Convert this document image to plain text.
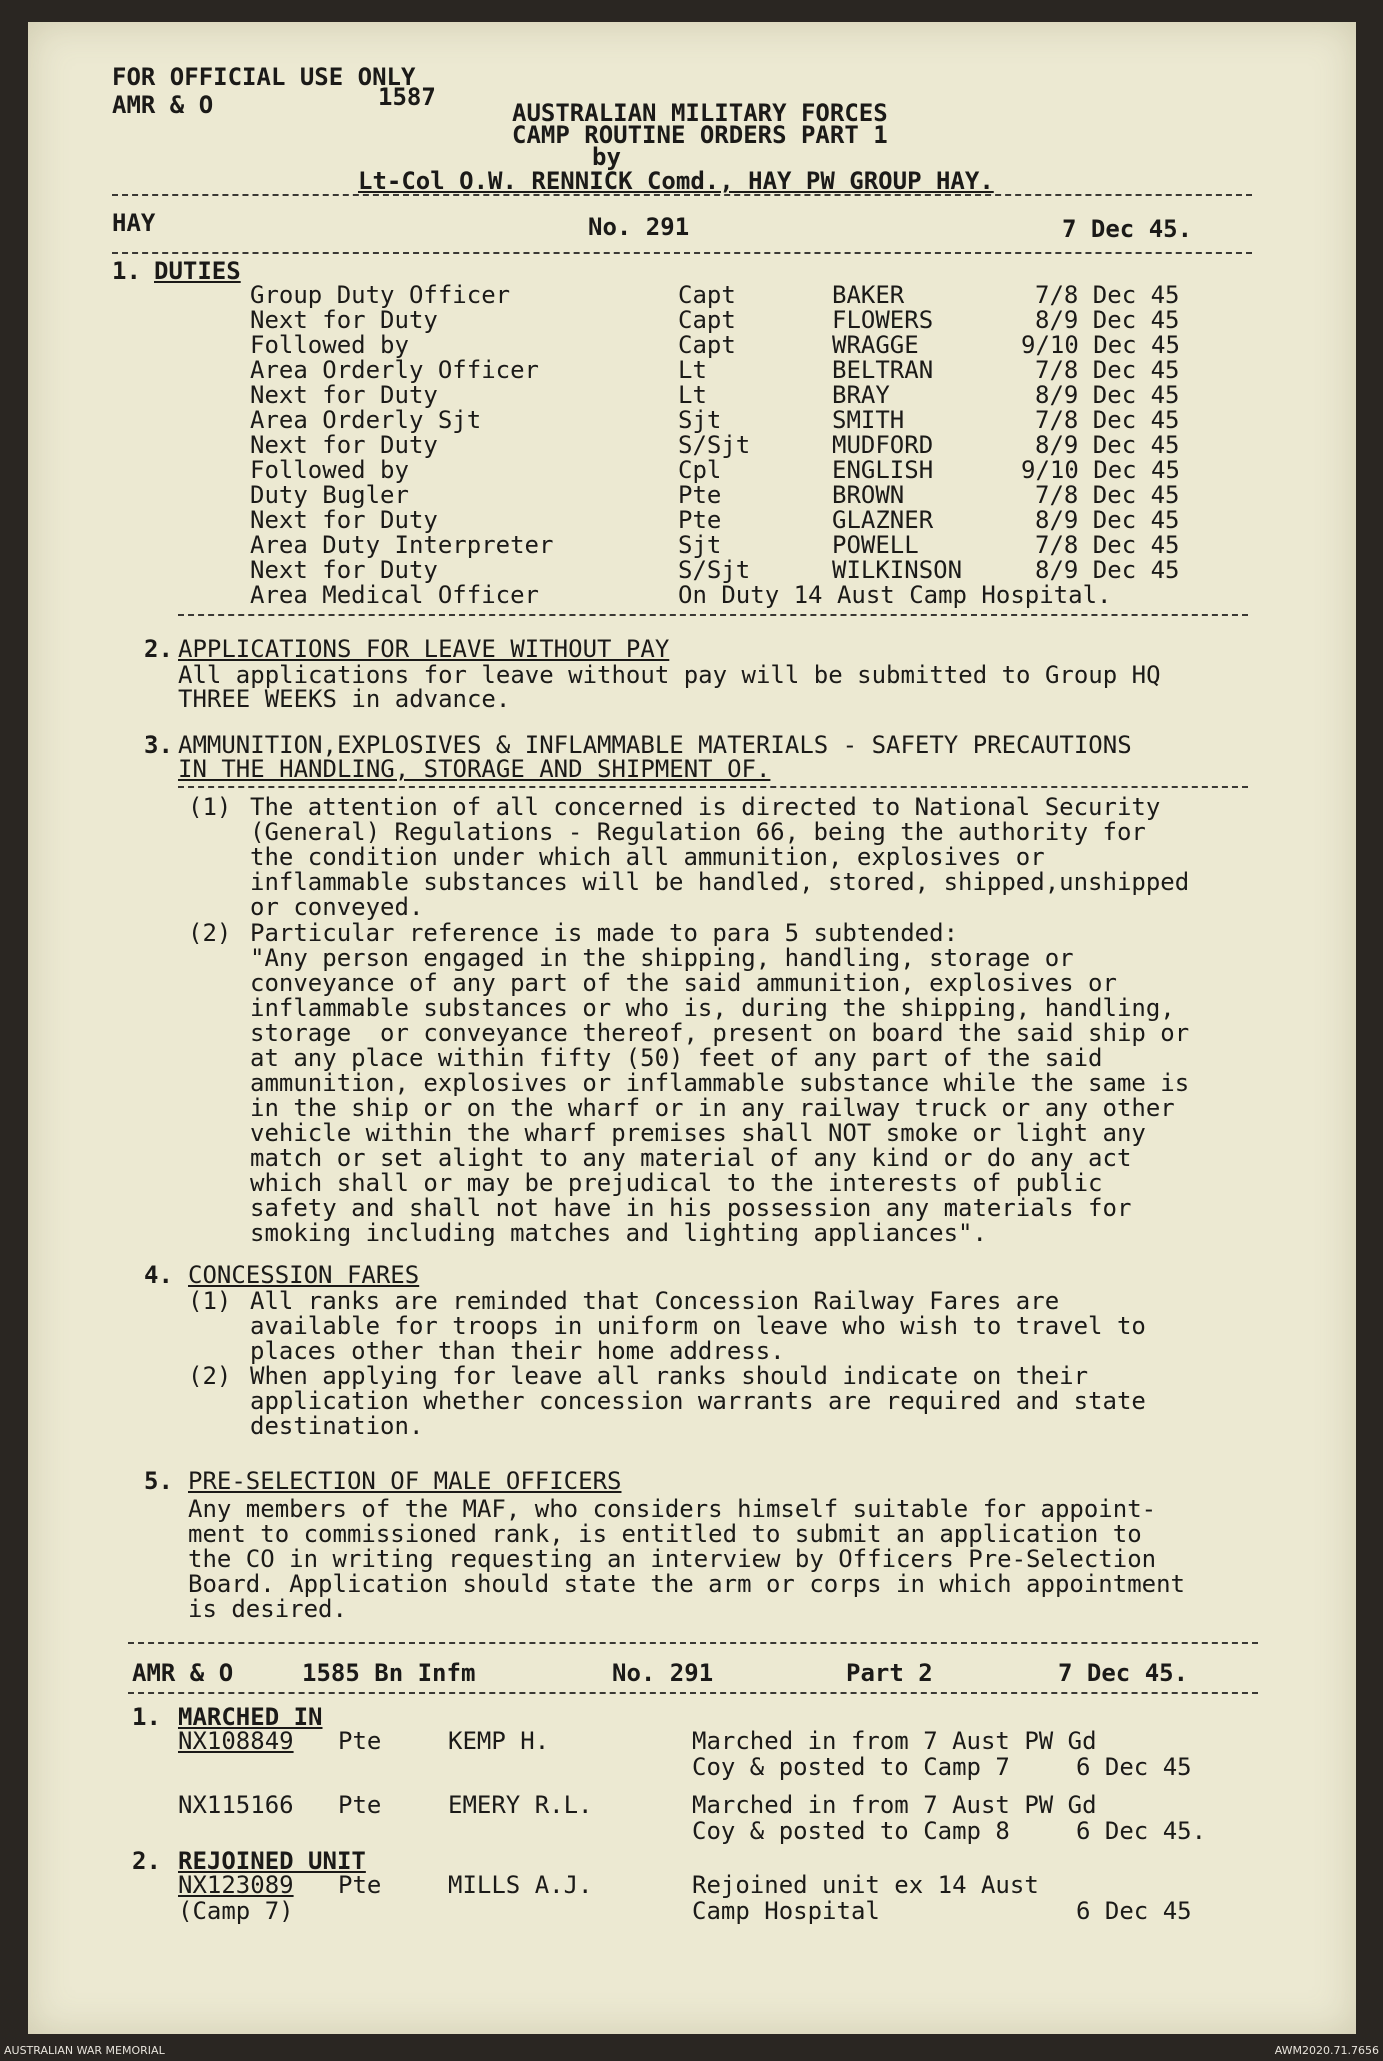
FOR OFFICIAL USE ONLY
AMR & O	1587
AUSTRALIAN MILITARY FORCES
CAMP ROUTINE ORDERS PART 1
by
Lt-Col O.W. RENNICK Comd., HAY PW GROUP HAY.
HAY	No. 291	7 Dec 45.
1. DUTIES
Group Duty Officer	Capt	BAKER	7/8 Dec 45
Next for Duty	Capt	FLOWERS	8/9 Dec 45
Followed by	Capt	WRAGGE	9/10 Dec 45
Area Orderly Officer	Lt	BELTRAN	7/8 Dec 45
Next for Duty	Lt	BRAY	8/9 Dec 45
Area Orderly Sjt	Sjt	SMITH	7/8 Dec 45
Next for Duty	S/Sjt	MUDFORD	8/9 Dec 45
Followed by	Cpl	ENGLISH	9/10 Dec 45
Duty Bugler	Pte	BROWN	7/8 Dec 45
Next for Duty	Pte	GLAZNER	8/9 Dec 45
Area Duty Interpreter	Sjt	POWELL	7/8 Dec 45
Next for Duty	S/Sjt	WILKINSON	8/9 Dec 45
Area Medical Officer	On Duty 14 Aust Camp Hospital.
2. APPLICATIONS FOR LEAVE WITHOUT PAY
All applications for leave without pay will be submitted to Group HQ
THREE WEEKS in advance.
3. AMMUNITION,EXPLOSIVES & INFLAMMABLE MATERIALS - SAFETY PRECAUTIONS
IN THE HANDLING, STORAGE AND SHIPMENT OF.
(1) The attention of all concerned is directed to National Security
(General) Regulations - Regulation 66, being the authority for
the condition under which all ammunition, explosives or
inflammable substances will be handled, stored, shipped,unshipped
or conveyed.
(2) Particular reference is made to para 5 subtended:
"Any person engaged in the shipping, handling, storage or
conveyance of any part of the said ammunition, explosives or
inflammable substances or who is, during the shipping, handling,
storage  or conveyance thereof, present on board the said ship or
at any place within fifty (50) feet of any part of the said
ammunition, explosives or inflammable substance while the same is
in the ship or on the wharf or in any railway truck or any other
vehicle within the wharf premises shall NOT smoke or light any
match or set alight to any material of any kind or do any act
which shall or may be prejudical to the interests of public
safety and shall not have in his possession any materials for
smoking including matches and lighting appliances".
4. CONCESSION FARES
(1) All ranks are reminded that Concession Railway Fares are
available for troops in uniform on leave who wish to travel to
places other than their home address.
(2) When applying for leave all ranks should indicate on their
application whether concession warrants are required and state
destination.
5. PRE-SELECTION OF MALE OFFICERS
Any members of the MAF, who considers himself suitable for appoint-
ment to commissioned rank, is entitled to submit an application to
the CO in writing requesting an interview by Officers Pre-Selection
Board. Application should state the arm or corps in which appointment
is desired.
AMR & O	1585 Bn Infm	No. 291	Part 2	7 Dec 45.
1. MARCHED IN
NX108849 Pte	KEMP H.	Marched in from 7 Aust PW Gd
Coy & posted to Camp 7	6 Dec 45
NX115166 Pte	EMERY R.L.	Marched in from 7 Aust PW Gd
Coy & posted to Camp 8	6 Dec 45.
2. REJOINED UNIT
NX123089 Pte	MILLS A.J.	Rejoined unit ex 14 Aust
(Camp 7)	Camp Hospital	6 Dec 45
AUSTRALIAN WAR MEMORIAL	AWM2020.71.7656
